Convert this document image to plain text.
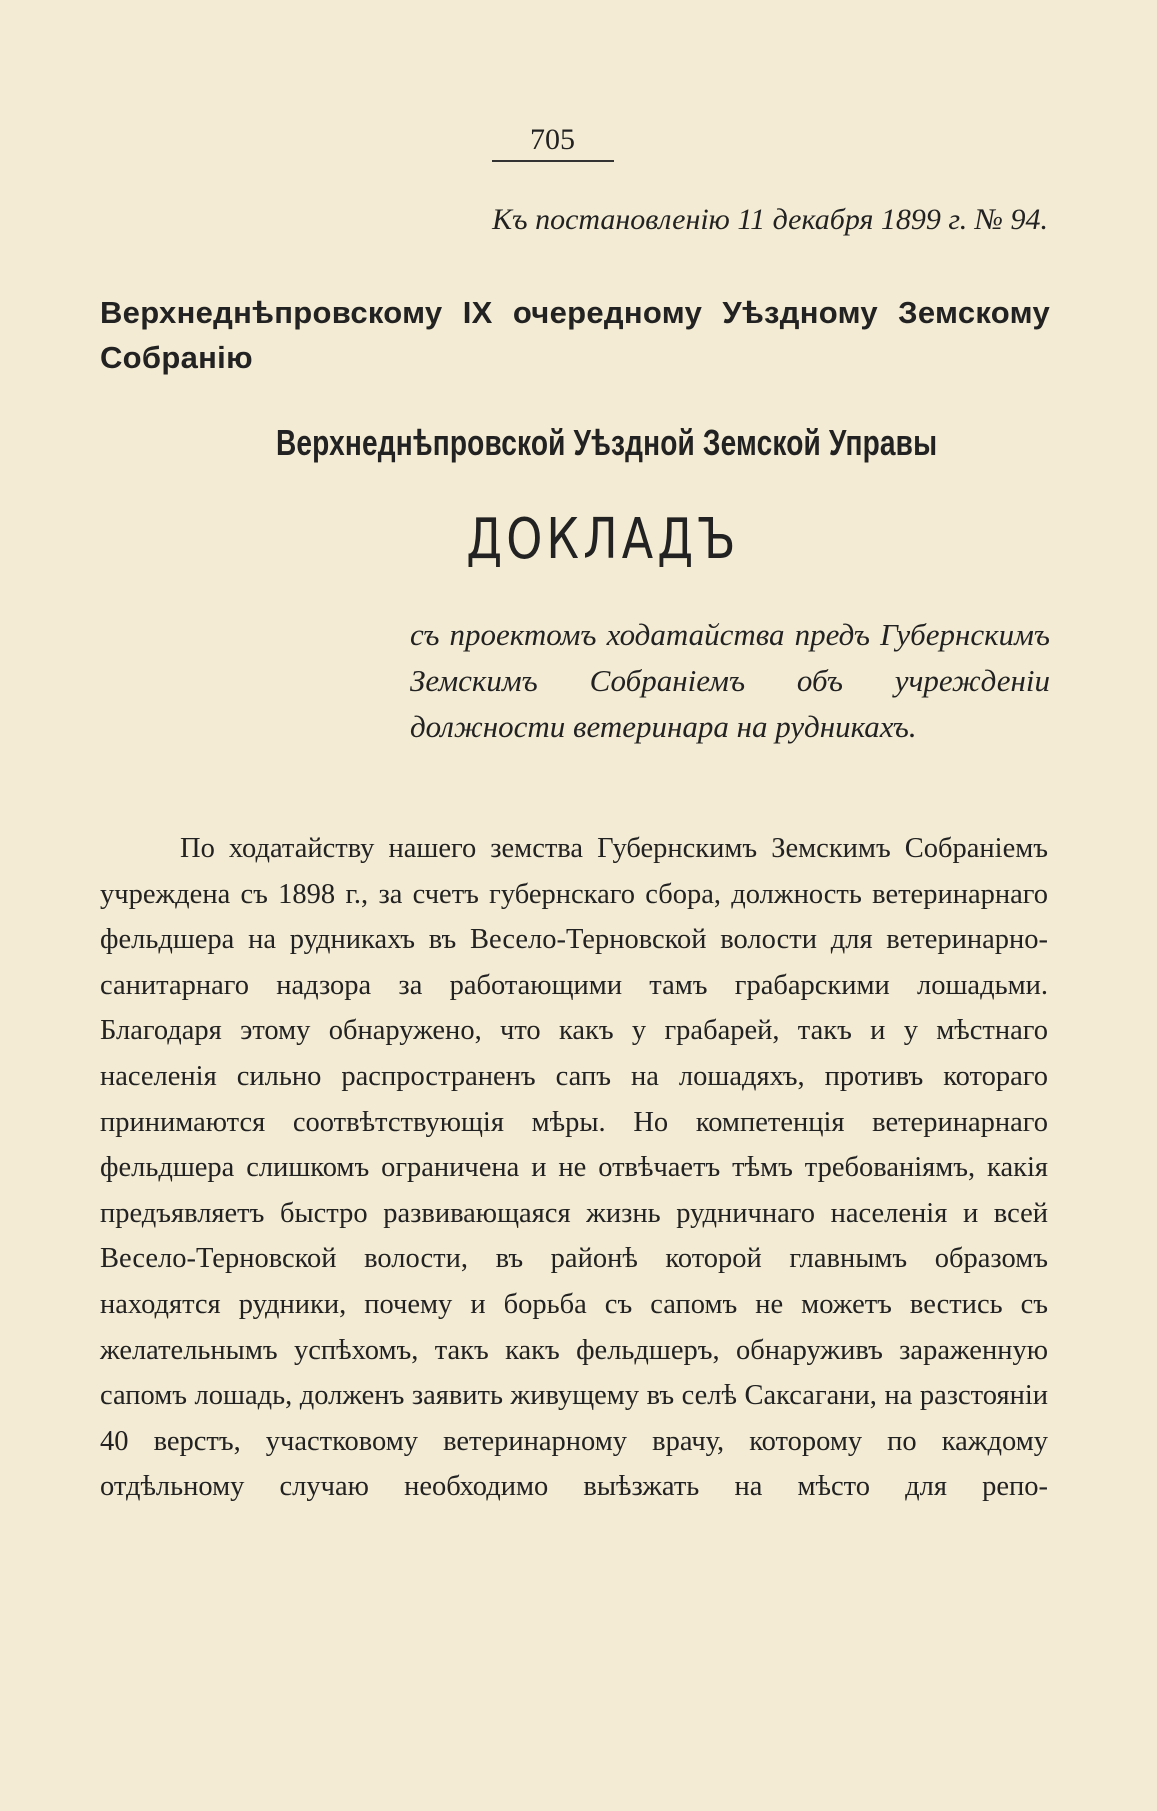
705
Къ постановленію 11 декабря 1899 г. № 94.
Верхнеднѣпровскому IX очередному Уѣздному Земскому Собранію
Верхнеднѣпровской Уѣздной Земской Управы
ДОКЛАДЪ
съ проектомъ ходатайства предъ Губернскимъ Земскимъ Собраніемъ объ учрежденіи должности ветеринара на рудникахъ.
По ходатайству нашего земства Губернскимъ Земскимъ Собраніемъ учреждена съ 1898 г., за счетъ губернскаго сбора, должность ветеринарнаго фельдшера на рудникахъ въ Весело-Терновской волости для ветеринарно-санитарнаго надзора за работающими тамъ грабарскими лошадьми. Благодаря этому обнаружено, что какъ у грабарей, такъ и у мѣстнаго населенія сильно распространенъ сапъ на лошадяхъ, противъ котораго принимаются соотвѣтствующія мѣры. Но компетенція ветеринарнаго фельдшера слишкомъ ограничена и не отвѣчаетъ тѣмъ требованіямъ, какія предъявляетъ быстро развивающаяся жизнь рудничнаго населенія и всей Весело-Терновской волости, въ районѣ которой главнымъ образомъ находятся рудники, почему и борьба съ сапомъ не можетъ вестись съ желательнымъ успѣхомъ, такъ какъ фельдшеръ, обнаруживъ зараженную сапомъ лошадь, долженъ заявить живущему въ селѣ Саксагани, на разстояніи 40 верстъ, участковому ветеринарному врачу, которому по каждому отдѣльному случаю необходимо выѣзжать на мѣсто для репо-
